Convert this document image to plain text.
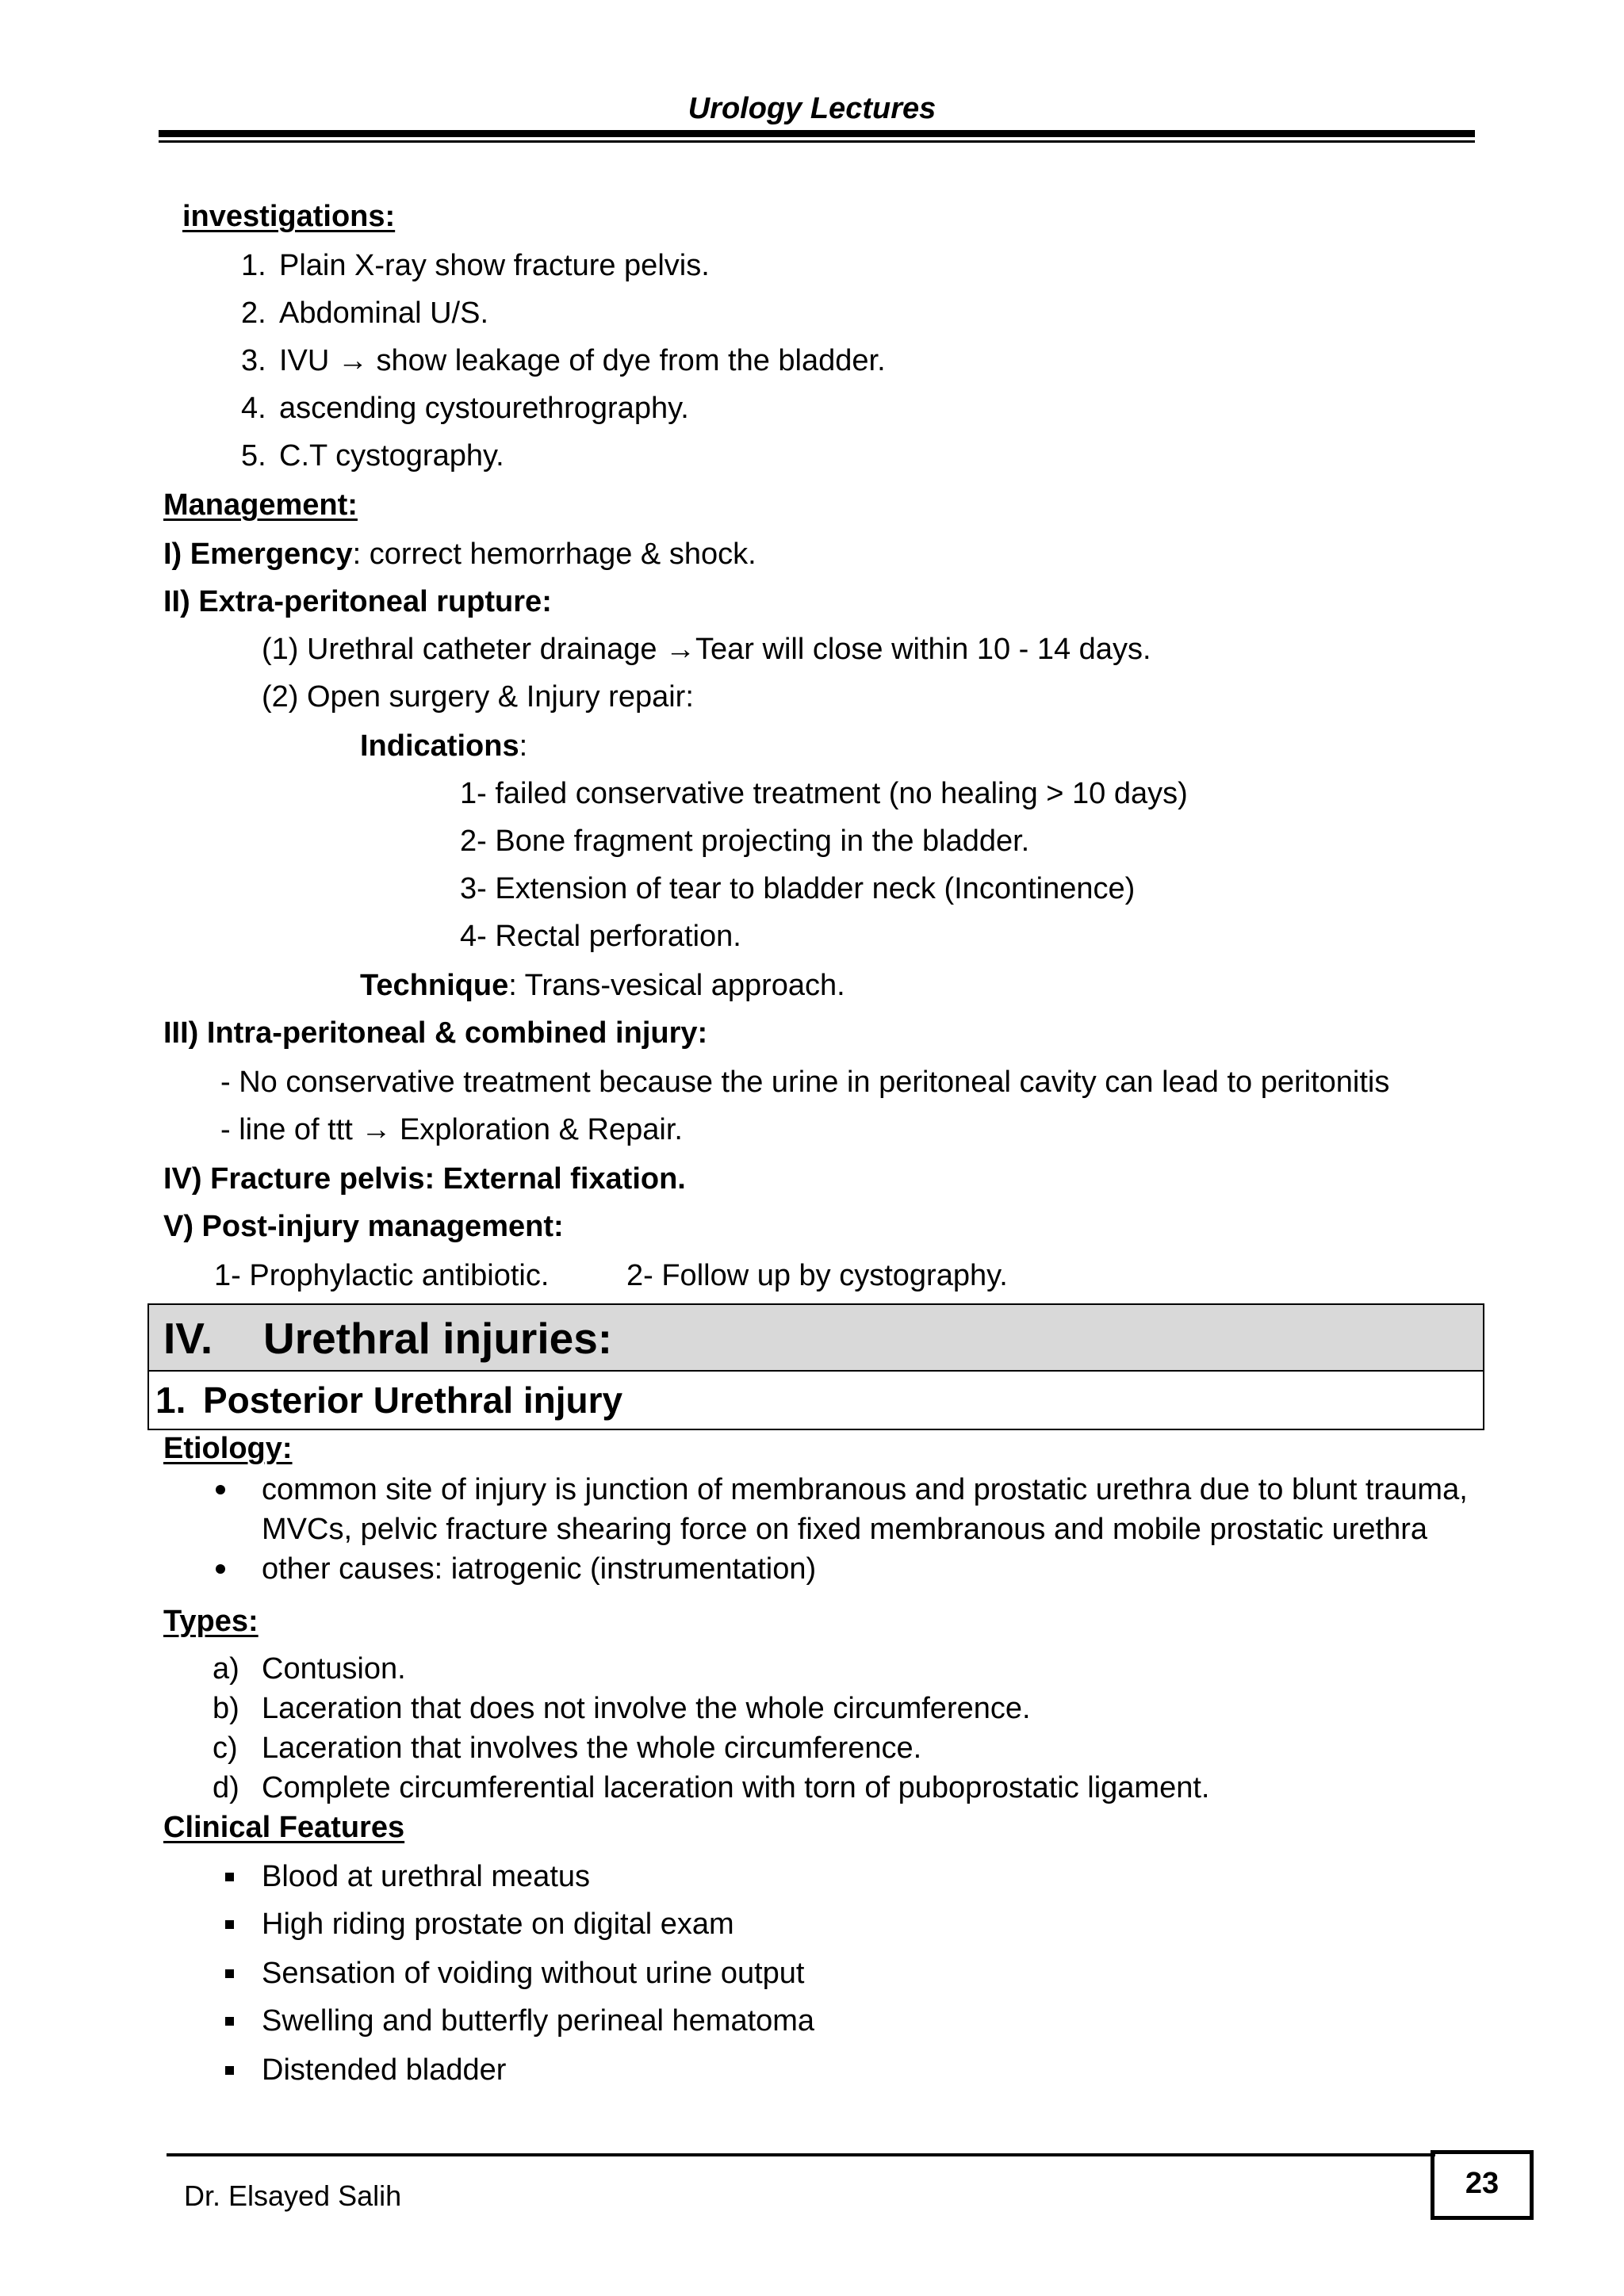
Urology Lectures
investigations:
1. Plain X-ray show fracture pelvis.
2. Abdominal U/S.
3. IVU → show leakage of dye from the bladder.
4. ascending cystourethrography.
5. C.T cystography.
Management:
I) Emergency: correct hemorrhage & shock.
II) Extra-peritoneal rupture:
(1) Urethral catheter drainage →Tear will close within 10 - 14 days.
(2) Open surgery & Injury repair:
Indications:
1- failed conservative treatment (no healing > 10 days)
2- Bone fragment projecting in the bladder.
3- Extension of tear to bladder neck (Incontinence)
4- Rectal perforation.
Technique: Trans-vesical approach.
III) Intra-peritoneal & combined injury:
- No conservative treatment because the urine in peritoneal cavity can lead to peritonitis
- line of ttt → Exploration & Repair.
IV) Fracture pelvis: External fixation.
V) Post-injury management:
1- Prophylactic antibiotic.	2- Follow up by cystography.
IV. Urethral injuries:
1. Posterior Urethral injury
Etiology:
common site of injury is junction of membranous and prostatic urethra due to blunt trauma,
MVCs, pelvic fracture shearing force on fixed membranous and mobile prostatic urethra
other causes: iatrogenic (instrumentation)
Types:
a) Contusion.
b) Laceration that does not involve the whole circumference.
c) Laceration that involves the whole circumference.
d) Complete circumferential laceration with torn of puboprostatic ligament.
Clinical Features
Blood at urethral meatus
High riding prostate on digital exam
Sensation of voiding without urine output
Swelling and butterfly perineal hematoma
Distended bladder
Dr. Elsayed Salih	23
